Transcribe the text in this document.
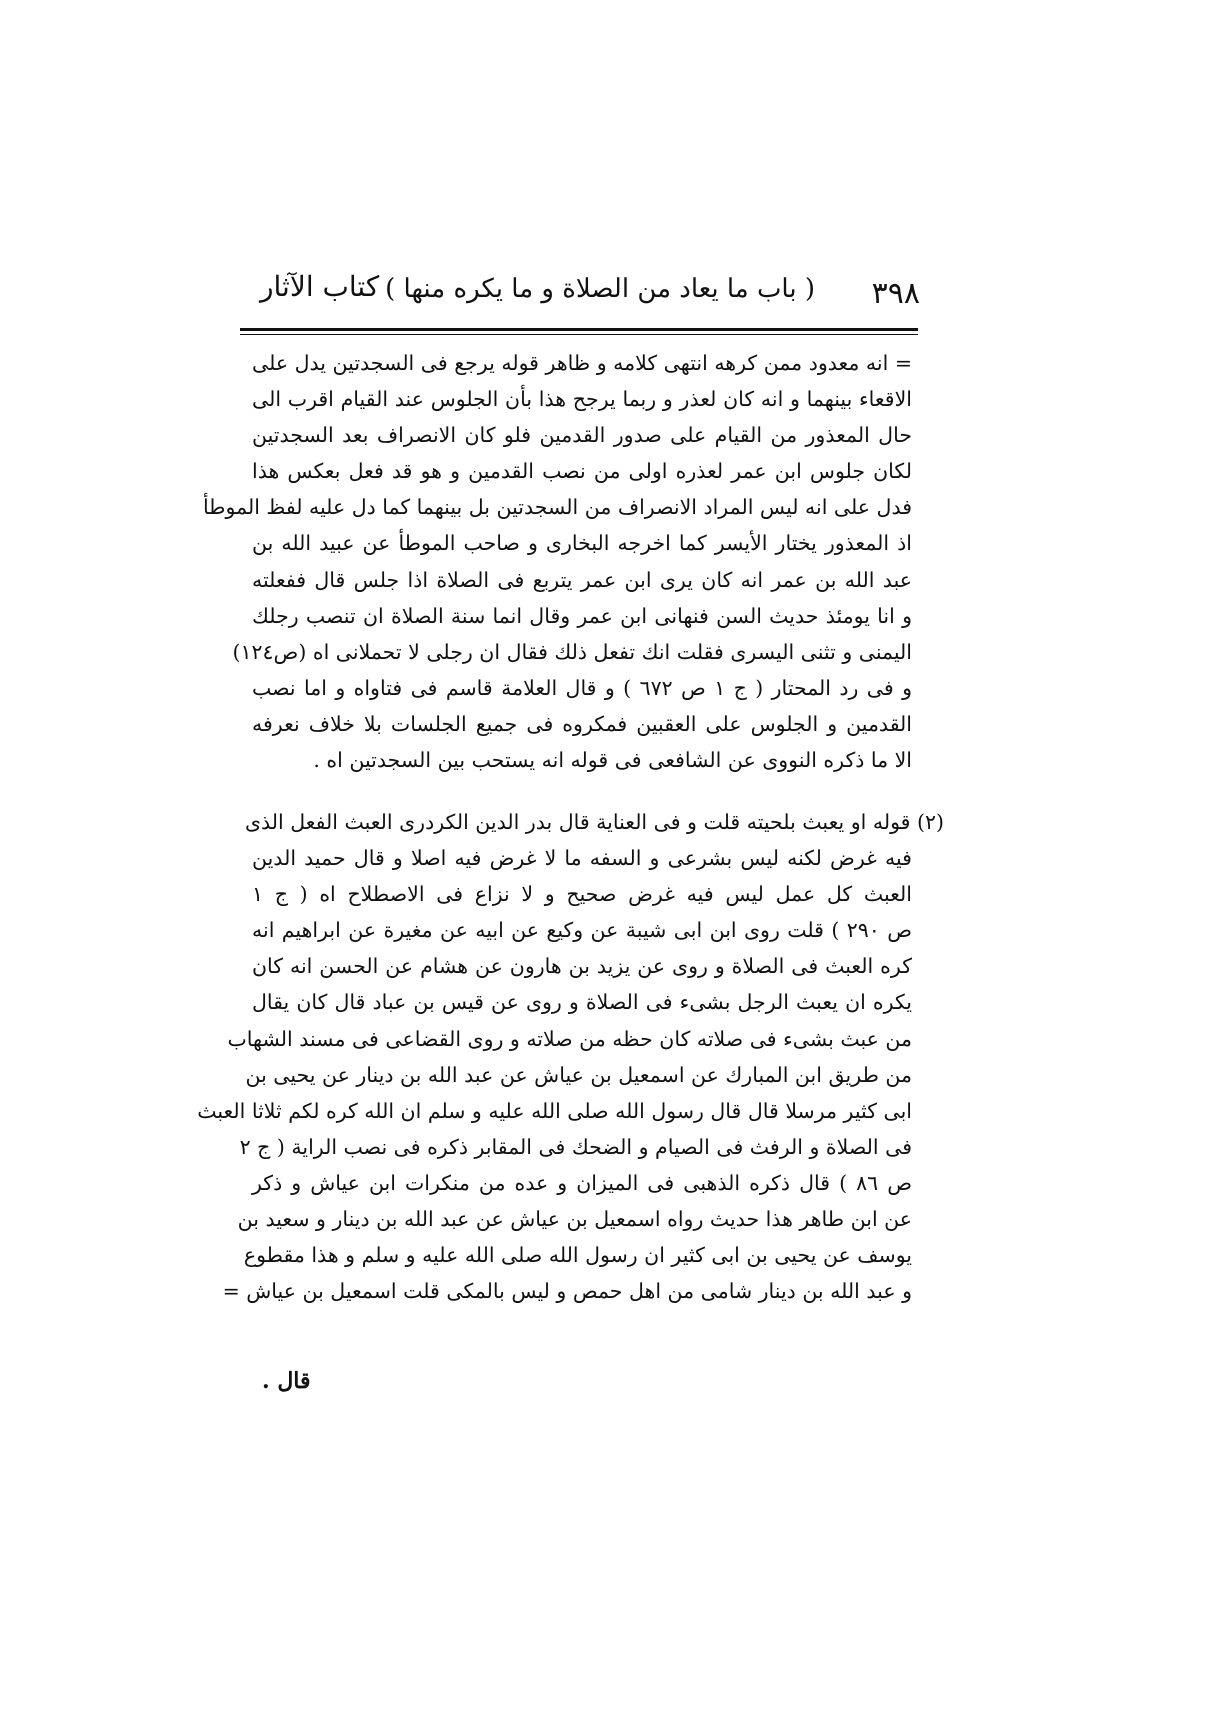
٣٩٨
( باب ما يعاد من الصلاة و ما يكره منها )
كتاب الآثار
= انه معدود ممن كرهه انتهى كلامه و ظاهر قوله يرجع فى السجدتين يدل على
الاقعاء بينهما و انه كان لعذر و ربما يرجح هذا بأن الجلوس عند القيام اقرب الى
حال المعذور من القيام على صدور القدمين فلو كان الانصراف بعد السجدتين
لكان جلوس ابن عمر لعذره اولى من نصب القدمين و هو قد فعل بعكس هذا
فدل على انه ليس المراد الانصراف من السجدتين بل بينهما كما دل عليه لفظ الموطأ
اذ المعذور يختار الأيسر كما اخرجه البخارى و صاحب الموطأ عن عبيد الله بن
عبد الله بن عمر انه كان يرى ابن عمر يتربع فى الصلاة اذا جلس قال ففعلته
و انا يومئذ حديث السن فنهانى ابن عمر وقال انما سنة الصلاة ان تنصب رجلك
اليمنى و تثنى اليسرى فقلت انك تفعل ذلك فقال ان رجلى لا تحملانى اه (ص١٢٤)
و فى رد المحتار ( ج ١ ص ٦٧٢ ) و قال العلامة قاسم فى فتاواه و اما نصب
القدمين و الجلوس على العقبين فمكروه فى جميع الجلسات بلا خلاف نعرفه
الا ما ذكره النووى عن الشافعى فى قوله انه يستحب بين السجدتين اه .
(٢) قوله او يعبث بلحيته قلت و فى العناية قال بدر الدين الكردرى العبث الفعل الذى
فيه غرض لكنه ليس بشرعى و السفه ما لا غرض فيه اصلا و قال حميد الدين
العبث كل عمل ليس فيه غرض صحيح و لا نزاع فى الاصطلاح اه ( ج ١
ص ٢٩٠ ) قلت روى ابن ابى شيبة عن وكيع عن ابيه عن مغيرة عن ابراهيم انه
كره العبث فى الصلاة و روى عن يزيد بن هارون عن هشام عن الحسن انه كان
يكره ان يعبث الرجل بشىء فى الصلاة و روى عن قيس بن عباد قال كان يقال
من عبث بشىء فى صلاته كان حظه من صلاته و روى القضاعى فى مسند الشهاب
من طريق ابن المبارك عن اسمعيل بن عياش عن عبد الله بن دينار عن يحيى بن
ابى كثير مرسلا قال قال رسول الله صلى الله عليه و سلم ان الله كره لكم ثلاثا العبث
فى الصلاة و الرفث فى الصيام و الضحك فى المقابر ذكره فى نصب الراية ( ج ٢
ص ٨٦ ) قال ذكره الذهبى فى الميزان و عده من منكرات ابن عياش و ذكر
عن ابن طاهر هذا حديث رواه اسمعيل بن عياش عن عبد الله بن دينار و سعيد بن
يوسف عن يحيى بن ابى كثير ان رسول الله صلى الله عليه و سلم و هذا مقطوع
و عبد الله بن دينار شامى من اهل حمص و ليس بالمكى قلت اسمعيل بن عياش =
قال .
